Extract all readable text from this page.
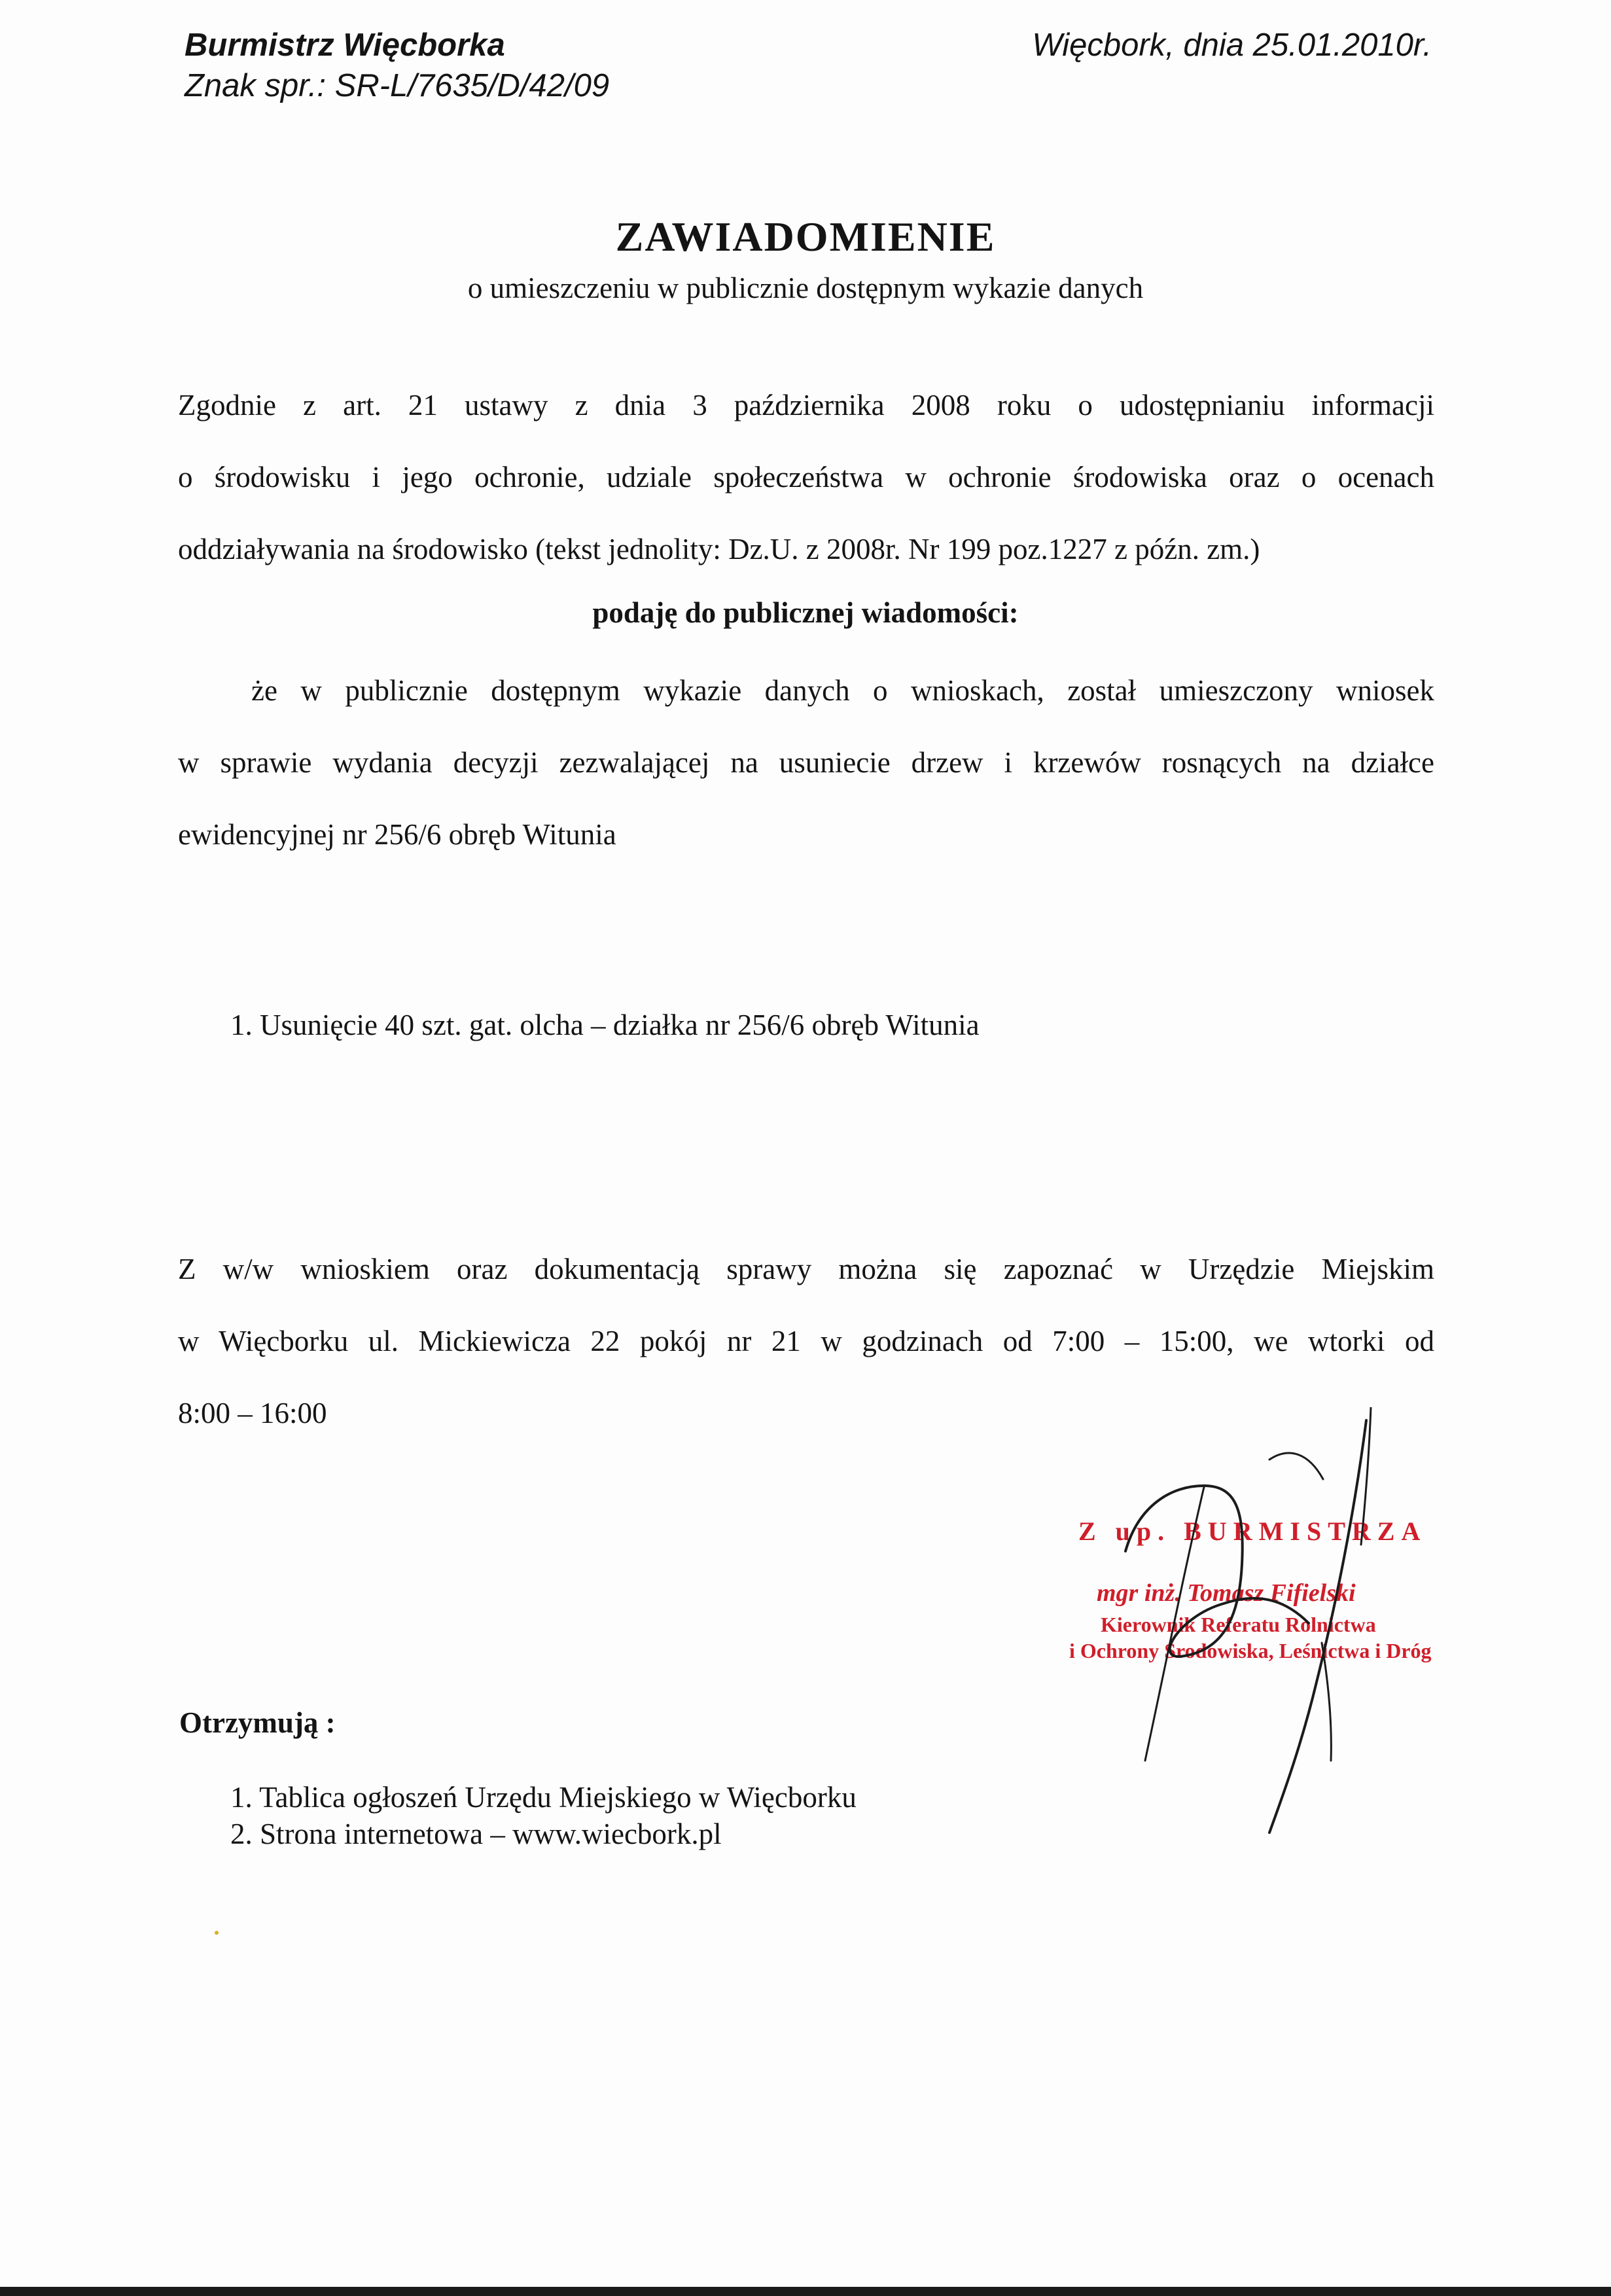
Burmistrz Więcborka
Znak spr.: SR-L/7635/D/42/09
Więcbork, dnia 25.01.2010r.
ZAWIADOMIENIE
o umieszczeniu w publicznie dostępnym wykazie danych
Zgodnie z art. 21 ustawy z dnia 3 października 2008 roku o udostępnianiu informacji
o środowisku i jego ochronie, udziale społeczeństwa w ochronie środowiska oraz o ocenach
oddziaływania na środowisko (tekst jednolity: Dz.U. z 2008r. Nr 199 poz.1227 z późn. zm.)
podaję do publicznej wiadomości:
że w publicznie dostępnym wykazie danych o wnioskach, został umieszczony wniosek
w sprawie wydania decyzji zezwalającej na usuniecie drzew i krzewów rosnących na działce
ewidencyjnej nr 256/6 obręb Witunia
1. Usunięcie 40 szt. gat. olcha – działka nr 256/6 obręb Witunia
Z w/w wnioskiem oraz dokumentacją sprawy można się zapoznać w Urzędzie Miejskim
w Więcborku ul. Mickiewicza 22 pokój nr 21 w godzinach od 7:00 – 15:00, we wtorki od
8:00 – 16:00
Z up. BURMISTRZA
mgr inż. Tomasz Fifielski
Kierownik Referatu Rolnictwa
i Ochrony Środowiska, Leśnictwa i Dróg
Otrzymują :
1. Tablica ogłoszeń Urzędu Miejskiego w Więcborku
2. Strona internetowa – www.wiecbork.pl
